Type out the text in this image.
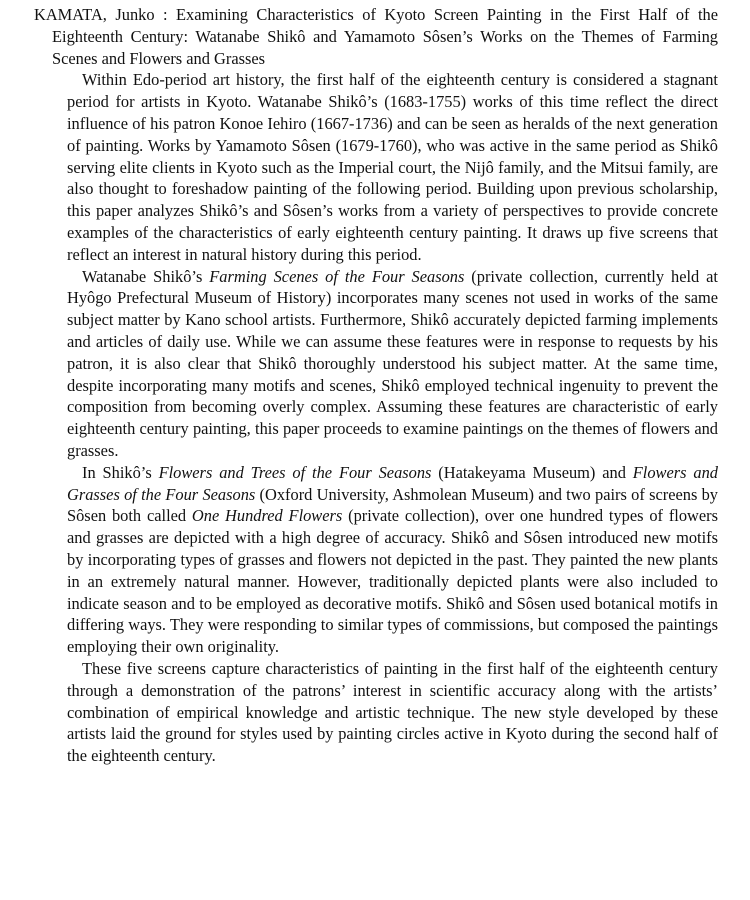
KAMATA, Junko : Examining Characteristics of Kyoto Screen Painting in the First Half of the Eighteenth Century: Watanabe Shikô and Yamamoto Sôsen’s Works on the Themes of Farming Scenes and Flowers and Grasses

Within Edo-period art history, the first half of the eighteenth century is considered a stagnant period for artists in Kyoto. Watanabe Shikô’s (1683-1755) works of this time reflect the direct influence of his patron Konoe Iehiro (1667-1736) and can be seen as heralds of the next generation of painting. Works by Yamamoto Sôsen (1679-1760), who was active in the same period as Shikô serving elite clients in Kyoto such as the Imperial court, the Nijô family, and the Mitsui family, are also thought to foreshadow painting of the following period. Building upon previous scholarship, this paper analyzes Shikô’s and Sôsen’s works from a variety of perspectives to provide concrete examples of the characteristics of early eighteenth century painting. It draws up five screens that reflect an interest in natural history during this period.

Watanabe Shikô’s Farming Scenes of the Four Seasons (private collection, currently held at Hyôgo Prefectural Museum of History) incorporates many scenes not used in works of the same subject matter by Kano school artists. Furthermore, Shikô accurately depicted farming implements and articles of daily use. While we can assume these features were in response to requests by his patron, it is also clear that Shikô thoroughly understood his subject matter. At the same time, despite incorporating many motifs and scenes, Shikô employed technical ingenuity to prevent the composition from becoming overly complex. Assuming these features are characteristic of early eighteenth century painting, this paper proceeds to examine paintings on the themes of flowers and grasses.

In Shikô’s Flowers and Trees of the Four Seasons (Hatakeyama Museum) and Flowers and Grasses of the Four Seasons (Oxford University, Ashmolean Museum) and two pairs of screens by Sôsen both called One Hundred Flowers (private collection), over one hundred types of flowers and grasses are depicted with a high degree of accuracy. Shikô and Sôsen introduced new motifs by incorporating types of grasses and flowers not depicted in the past. They painted the new plants in an extremely natural manner. However, traditionally depicted plants were also included to indicate season and to be employed as decorative motifs. Shikô and Sôsen used botanical motifs in differing ways. They were responding to similar types of commissions, but composed the paintings employing their own originality.

These five screens capture characteristics of painting in the first half of the eighteenth century through a demonstration of the patrons’ interest in scientific accuracy along with the artists’ combination of empirical knowledge and artistic technique. The new style developed by these artists laid the ground for styles used by painting circles active in Kyoto during the second half of the eighteenth century.
